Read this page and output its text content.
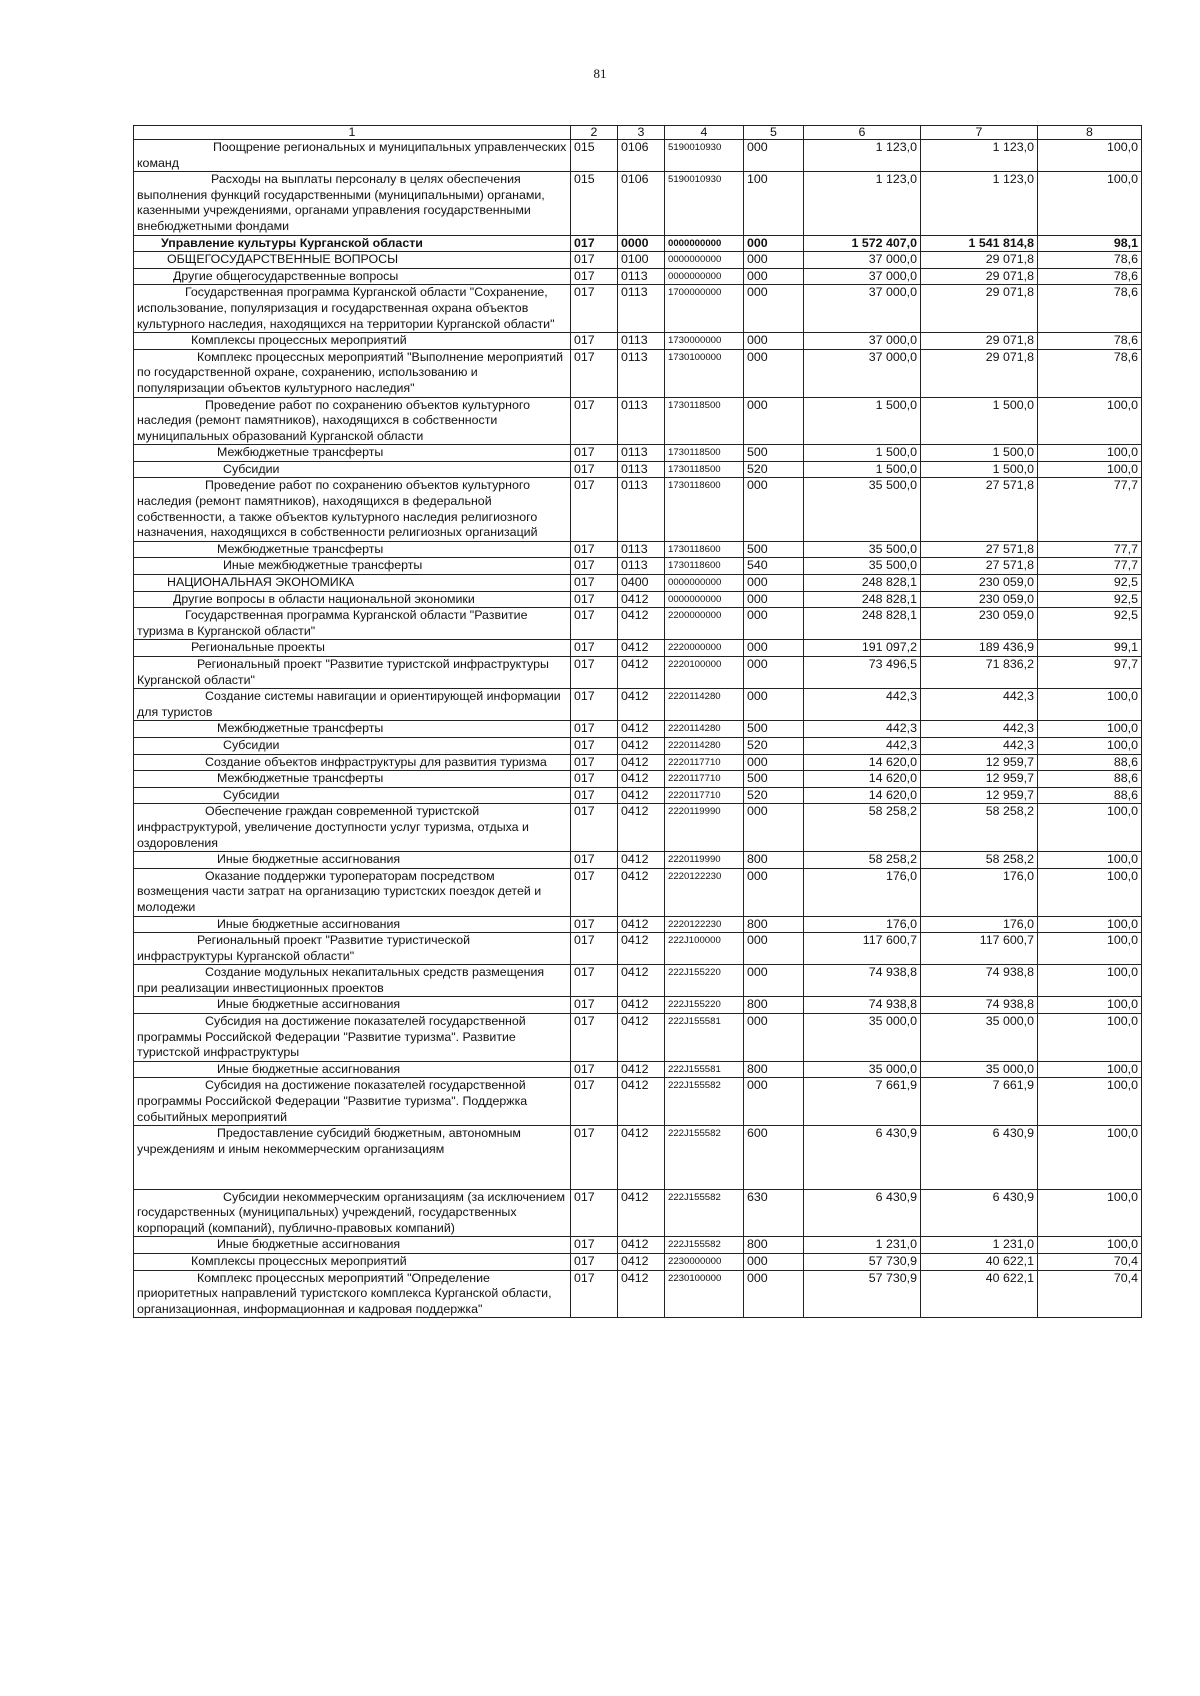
81
1	2	3	4	5	6	7	8

Поощрение региональных и муниципальных управленческих команд	015	0106	5190010930	000	1 123,0	1 123,0	100,0

Расходы на выплаты персоналу в целях обеспечения выполнения функций государственными (муниципальными) органами, казенными учреждениями, органами управления государственными внебюджетными фондами	015	0106	5190010930	100	1 123,0	1 123,0	100,0

Управление культуры Курганской области	017	0000	0000000000	000	1 572 407,0	1 541 814,8	98,1

ОБЩЕГОСУДАРСТВЕННЫЕ ВОПРОСЫ	017	0100	0000000000	000	37 000,0	29 071,8	78,6

Другие общегосударственные вопросы	017	0113	0000000000	000	37 000,0	29 071,8	78,6

Государственная программа Курганской области "Сохранение, использование, популяризация и государственная охрана объектов культурного наследия, находящихся на территории Курганской области"	017	0113	1700000000	000	37 000,0	29 071,8	78,6

Комплексы процессных мероприятий	017	0113	1730000000	000	37 000,0	29 071,8	78,6

Комплекс процессных мероприятий "Выполнение мероприятий по государственной охране, сохранению, использованию и популяризации объектов культурного наследия"	017	0113	1730100000	000	37 000,0	29 071,8	78,6

Проведение работ по сохранению объектов культурного наследия (ремонт памятников), находящихся в собственности муниципальных образований Курганской области	017	0113	1730118500	000	1 500,0	1 500,0	100,0

Межбюджетные трансферты	017	0113	1730118500	500	1 500,0	1 500,0	100,0

Субсидии	017	0113	1730118500	520	1 500,0	1 500,0	100,0

Проведение работ по сохранению объектов культурного наследия (ремонт памятников), находящихся в федеральной собственности, а также объектов культурного наследия религиозного назначения, находящихся в собственности религиозных организаций	017	0113	1730118600	000	35 500,0	27 571,8	77,7

Межбюджетные трансферты	017	0113	1730118600	500	35 500,0	27 571,8	77,7

Иные межбюджетные трансферты	017	0113	1730118600	540	35 500,0	27 571,8	77,7

НАЦИОНАЛЬНАЯ ЭКОНОМИКА	017	0400	0000000000	000	248 828,1	230 059,0	92,5

Другие вопросы в области национальной экономики	017	0412	0000000000	000	248 828,1	230 059,0	92,5

Государственная программа Курганской области "Развитие туризма в Курганской области"	017	0412	2200000000	000	248 828,1	230 059,0	92,5

Региональные проекты	017	0412	2220000000	000	191 097,2	189 436,9	99,1

Региональный проект "Развитие туристской инфраструктуры Курганской области"	017	0412	2220100000	000	73 496,5	71 836,2	97,7

Создание системы навигации и ориентирующей информации для туристов	017	0412	2220114280	000	442,3	442,3	100,0

Межбюджетные трансферты	017	0412	2220114280	500	442,3	442,3	100,0

Субсидии	017	0412	2220114280	520	442,3	442,3	100,0

Создание объектов инфраструктуры для развития туризма	017	0412	2220117710	000	14 620,0	12 959,7	88,6

Межбюджетные трансферты	017	0412	2220117710	500	14 620,0	12 959,7	88,6

Субсидии	017	0412	2220117710	520	14 620,0	12 959,7	88,6

Обеспечение граждан современной туристской инфраструктурой, увеличение доступности услуг туризма, отдыха и оздоровления	017	0412	2220119990	000	58 258,2	58 258,2	100,0

Иные бюджетные ассигнования	017	0412	2220119990	800	58 258,2	58 258,2	100,0

Оказание поддержки туроператорам посредством возмещения части затрат на организацию туристских поездок детей и молодежи	017	0412	2220122230	000	176,0	176,0	100,0

Иные бюджетные ассигнования	017	0412	2220122230	800	176,0	176,0	100,0

Региональный проект "Развитие туристической инфраструктуры Курганской области"	017	0412	222J100000	000	117 600,7	117 600,7	100,0

Создание модульных некапитальных средств размещения при реализации инвестиционных проектов	017	0412	222J155220	000	74 938,8	74 938,8	100,0

Иные бюджетные ассигнования	017	0412	222J155220	800	74 938,8	74 938,8	100,0

Субсидия на достижение показателей государственной программы Российской Федерации "Развитие туризма". Развитие туристской инфраструктуры	017	0412	222J155581	000	35 000,0	35 000,0	100,0

Иные бюджетные ассигнования	017	0412	222J155581	800	35 000,0	35 000,0	100,0

Субсидия на достижение показателей государственной программы Российской Федерации "Развитие туризма". Поддержка событийных мероприятий	017	0412	222J155582	000	7 661,9	7 661,9	100,0

Предоставление субсидий бюджетным, автономным учреждениям и иным некоммерческим организациям	017	0412	222J155582	600	6 430,9	6 430,9	100,0

Субсидии некоммерческим организациям (за исключением государственных (муниципальных) учреждений, государственных корпораций (компаний), публично-правовых компаний)	017	0412	222J155582	630	6 430,9	6 430,9	100,0

Иные бюджетные ассигнования	017	0412	222J155582	800	1 231,0	1 231,0	100,0

Комплексы процессных мероприятий	017	0412	2230000000	000	57 730,9	40 622,1	70,4

Комплекс процессных мероприятий "Определение приоритетных направлений туристского комплекса Курганской области, организационная, информационная и кадровая поддержка"	017	0412	2230100000	000	57 730,9	40 622,1	70,4
